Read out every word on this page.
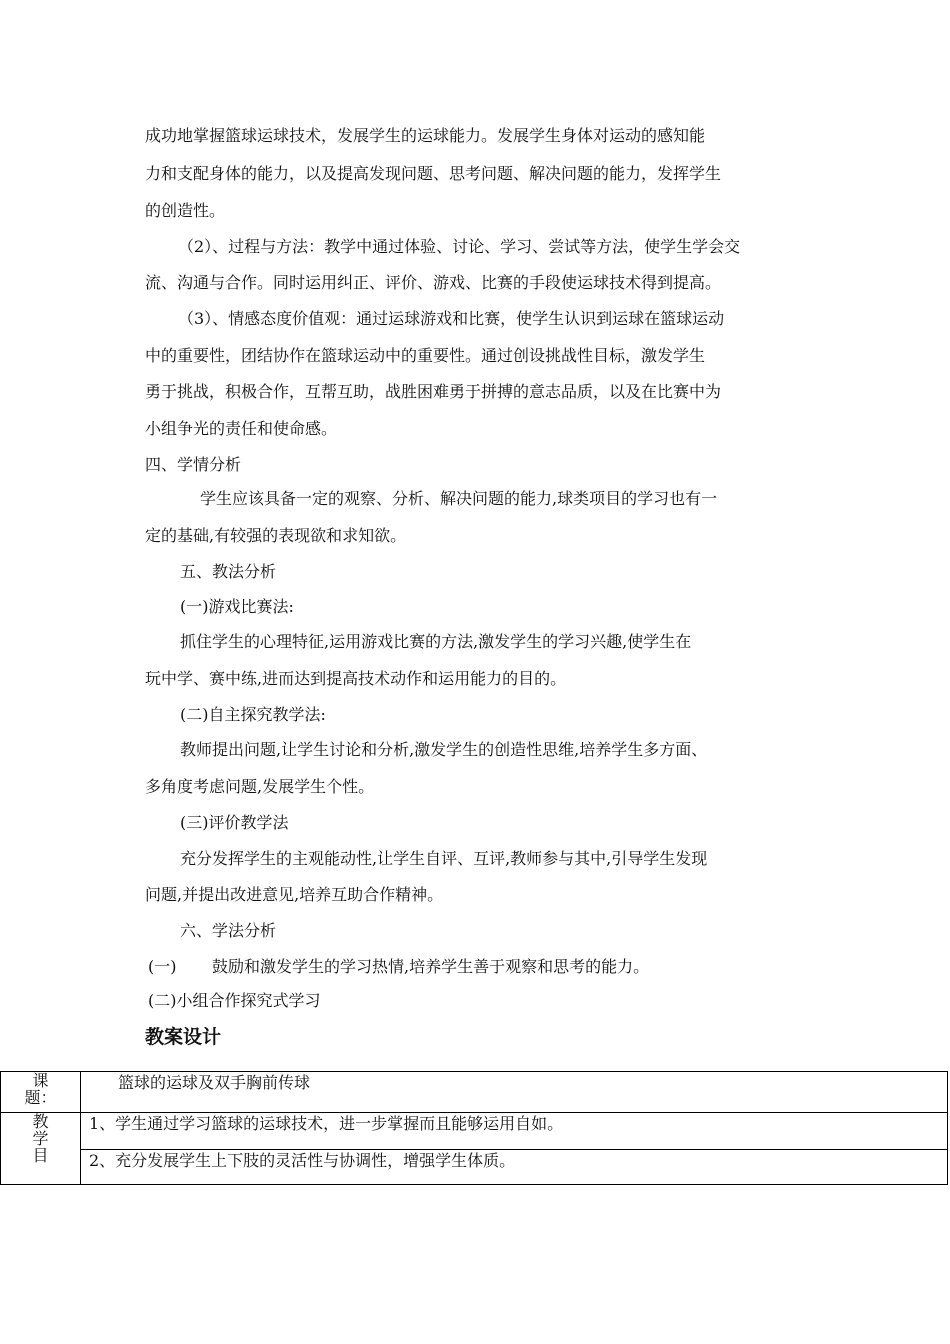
成功地掌握篮球运球技术，发展学生的运球能力。发展学生身体对运动的感知能
力和支配身体的能力，以及提高发现问题、思考问题、解决问题的能力，发挥学生
的创造性。
（2）、过程与方法：教学中通过体验、讨论、学习、尝试等方法，使学生学会交
流、沟通与合作。同时运用纠正、评价、游戏、比赛的手段使运球技术得到提高。
（3）、情感态度价值观：通过运球游戏和比赛，使学生认识到运球在篮球运动
中的重要性，团结协作在篮球运动中的重要性。通过创设挑战性目标，激发学生
勇于挑战，积极合作，互帮互助，战胜困难勇于拼搏的意志品质，以及在比赛中为
小组争光的责任和使命感。
四、学情分析
学生应该具备一定的观察、分析、解决问题的能力,球类项目的学习也有一
定的基础,有较强的表现欲和求知欲。
五、教法分析
(一)游戏比赛法:
抓住学生的心理特征,运用游戏比赛的方法,激发学生的学习兴趣,使学生在
玩中学、赛中练,进而达到提高技术动作和运用能力的目的。
(二)自主探究教学法:
教师提出问题,让学生讨论和分析,激发学生的创造性思维,培养学生多方面、
多角度考虑问题,发展学生个性。
(三)评价教学法
充分发挥学生的主观能动性,让学生自评、互评,教师参与其中,引导学生发现
问题,并提出改进意见,培养互助合作精神。
六、学法分析
(一) 鼓励和激发学生的学习热情,培养学生善于观察和思考的能力。
(二)小组合作探究式学习
教案设计
课
题：	篮球的运球及双手胸前传球

教
学
目	1、学生通过学习篮球的运球技术，进一步掌握而且能够运用自如。
	2、充分发展学生上下肢的灵活性与协调性，增强学生体质。
